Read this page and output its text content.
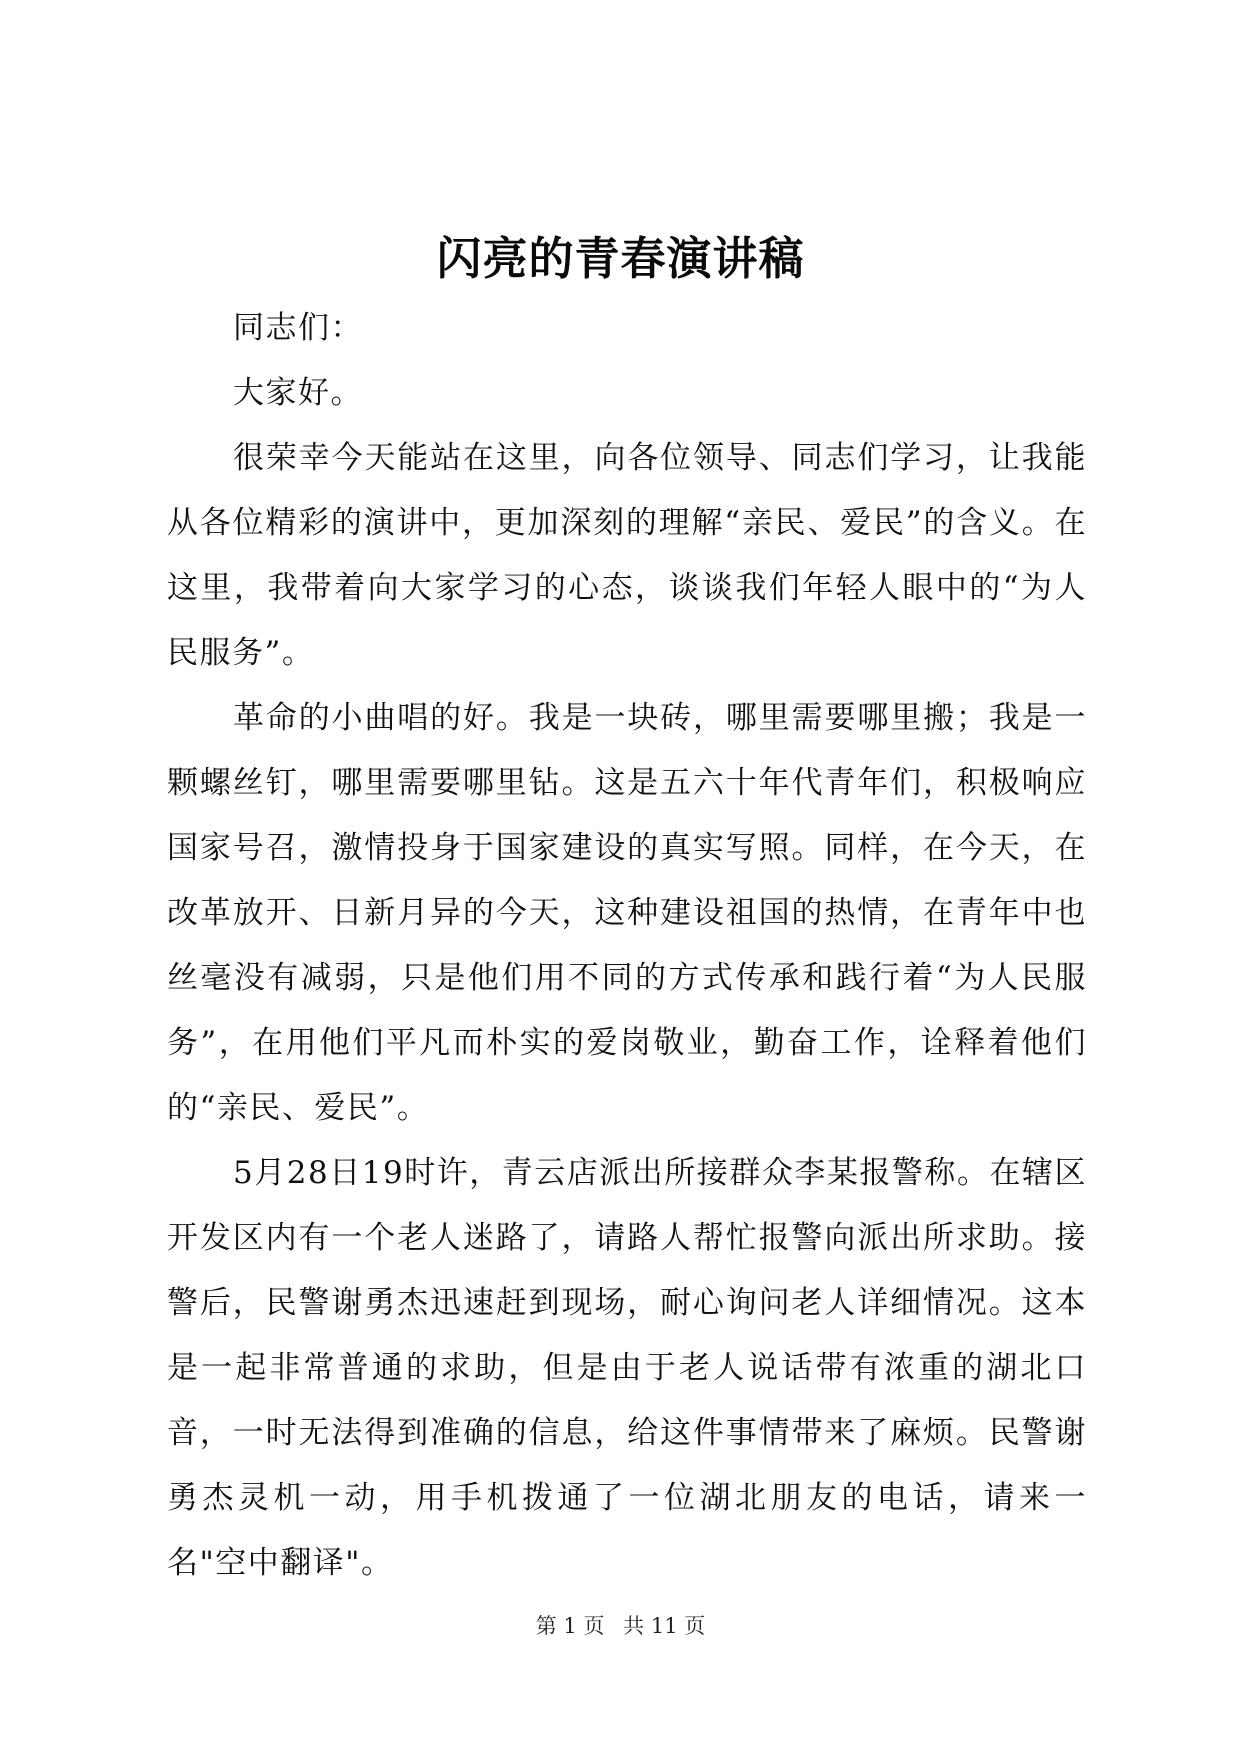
闪亮的青春演讲稿

同志们：

大家好。

很荣幸今天能站在这里，向各位领导、同志们学习，让我能从各位精彩的演讲中，更加深刻的理解“亲民、爱民”的含义。在这里，我带着向大家学习的心态，谈谈我们年轻人眼中的“为人民服务”。

革命的小曲唱的好。我是一块砖，哪里需要哪里搬；我是一颗螺丝钉，哪里需要哪里钻。这是五六十年代青年们，积极响应国家号召，激情投身于国家建设的真实写照。同样，在今天，在改革放开、日新月异的今天，这种建设祖国的热情，在青年中也丝毫没有减弱，只是他们用不同的方式传承和践行着“为人民服务”，在用他们平凡而朴实的爱岗敬业，勤奋工作，诠释着他们的“亲民、爱民”。

5月28日19时许，青云店派出所接群众李某报警称。在辖区开发区内有一个老人迷路了，请路人帮忙报警向派出所求助。接警后，民警谢勇杰迅速赶到现场，耐心询问老人详细情况。这本是一起非常普通的求助，但是由于老人说话带有浓重的湖北口音，一时无法得到准确的信息，给这件事情带来了麻烦。民警谢勇杰灵机一动，用手机拨通了一位湖北朋友的电话，请来一名"空中翻译"。

第 1 页 共 11 页
